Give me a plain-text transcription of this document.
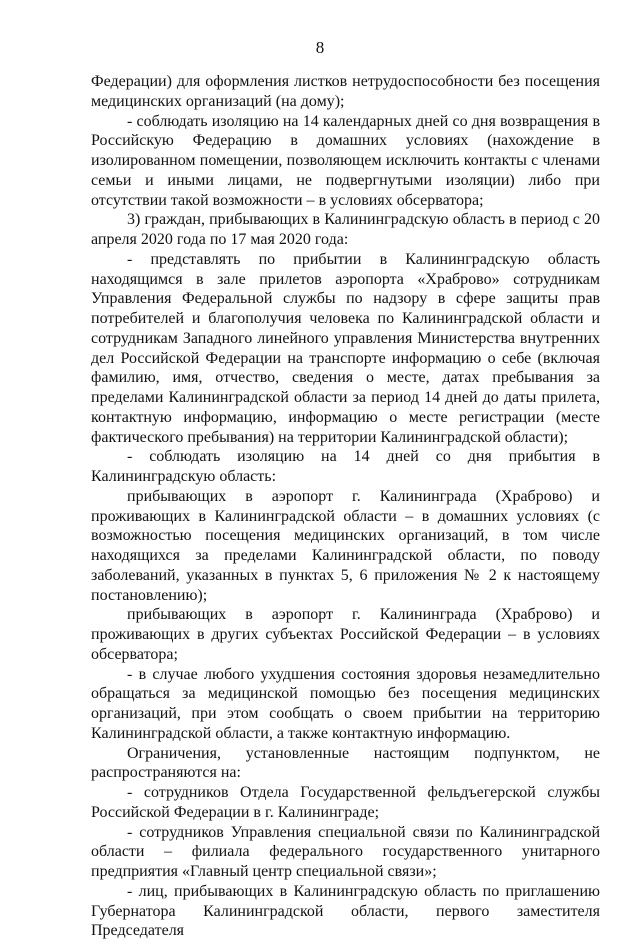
8

Федерации) для оформления листков нетрудоспособности без посещения медицинских организаций (на дому);

- соблюдать изоляцию на 14 календарных дней со дня возвращения в Российскую Федерацию в домашних условиях (нахождение в изолированном помещении, позволяющем исключить контакты с членами семьи и иными лицами, не подвергнутыми изоляции) либо при отсутствии такой возможности – в условиях обсерватора;

3) граждан, прибывающих в Калининградскую область в период с 20 апреля 2020 года по 17 мая 2020 года:

- представлять по прибытии в Калининградскую область находящимся в зале прилетов аэропорта «Храброво» сотрудникам Управления Федеральной службы по надзору в сфере защиты прав потребителей и благополучия человека по Калининградской области и сотрудникам Западного линейного управления Министерства внутренних дел Российской Федерации на транспорте информацию о себе (включая фамилию, имя, отчество, сведения о месте, датах пребывания за пределами Калининградской области за период 14 дней до даты прилета, контактную информацию, информацию о месте регистрации (месте фактического пребывания) на территории Калининградской области);

- соблюдать изоляцию на 14 дней со дня прибытия в Калининградскую область:

прибывающих в аэропорт г. Калининграда (Храброво) и проживающих в Калининградской области – в домашних условиях (с возможностью посещения медицинских организаций, в том числе находящихся за пределами Калининградской области, по поводу заболеваний, указанных в пунктах 5, 6 приложения № 2 к настоящему постановлению);

прибывающих в аэропорт г. Калининграда (Храброво) и проживающих в других субъектах Российской Федерации – в условиях обсерватора;

- в случае любого ухудшения состояния здоровья незамедлительно обращаться за медицинской помощью без посещения медицинских организаций, при этом сообщать о своем прибытии на территорию Калининградской области, а также контактную информацию.

Ограничения, установленные настоящим подпунктом, не распространяются на:

- сотрудников Отдела Государственной фельдъегерской службы Российской Федерации в г. Калининграде;

- сотрудников Управления специальной связи по Калининградской области – филиала федерального государственного унитарного предприятия «Главный центр специальной связи»;

- лиц, прибывающих в Калининградскую область по приглашению Губернатора Калининградской области, первого заместителя Председателя
